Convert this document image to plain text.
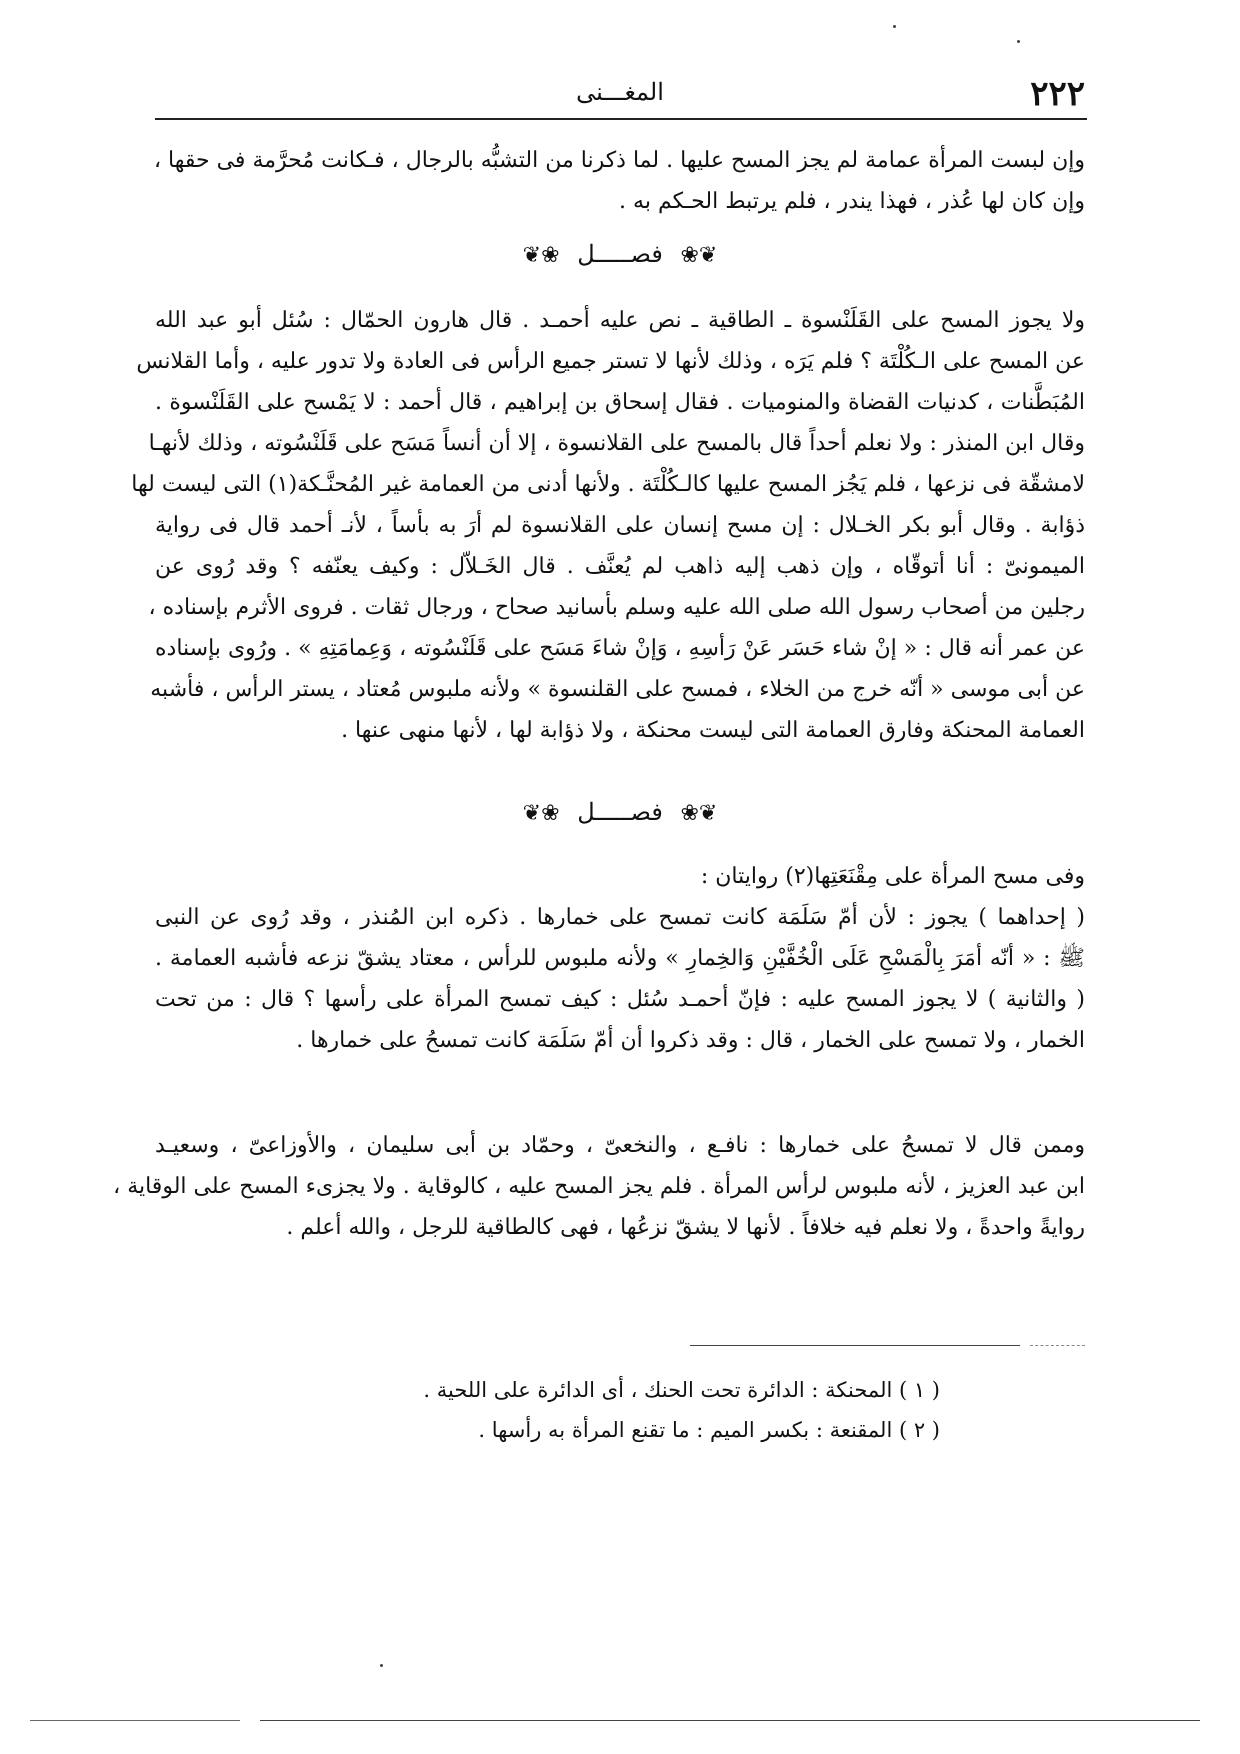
٢٢٢
المغـــنى
وإن لبست المرأة عمامة لم يجز المسح عليها . لما ذكرنا من التشبُّه بالرجال ، فـكانت مُحرَّمة فى حقها ،
وإن كان لها عُذر ، فهذا يندر ، فلم يرتبط الحـكم به .
❦❀ فصـــــل ❀❦
ولا يجوز المسح على القَلَنْسوة ـ الطاقية ـ نص عليه أحمـد . قال هارون الحمّال : سُئل أبو عبد الله
عن المسح على الـكُلْتَة ؟ فلم يَرَه ، وذلك لأنها لا تستر جميع الرأس فى العادة ولا تدور عليه ، وأما القلانس
المُبَطَّنات ، كدنيات القضاة والمنوميات . فقال إسحاق بن إبراهيم ، قال أحمد : لا يَمْسح على القَلَنْسوة .
وقال ابن المنذر : ولا نعلم أحداً قال بالمسح على القلانسوة ، إلا أن أنساً مَسَح على قَلَنْسُوته ، وذلك لأنهـا
لامشقّة فى نزعها ، فلم يَجُز المسح عليها كالـكُلْتَة . ولأنها أدنى من العمامة غير المُحنَّـكة(١) التى ليست لها
ذؤابة . وقال أبو بكر الخـلال : إن مسح إنسان على القلانسوة لم أرَ به بأساً ، لأنـ أحمد قال فى رواية
الميمونىّ : أنا أتوقّاه ، وإن ذهب إليه ذاهب لم يُعنَّف . قال الخَـلاّل : وكيف يعنّفه ؟ وقد رُوى عن
رجلين من أصحاب رسول الله صلى الله عليه وسلم بأسانيد صحاح ، ورجال ثقات . فروى الأثرم بإسناده ،
عن عمر أنه قال : « إنْ شاء حَسَر عَنْ رَأسِهِ ، وَإنْ شاءَ مَسَح على قَلَنْسُوته ، وَعِمامَتِهِ » . ورُوى بإسناده
عن أبى موسى « أنّه خرج من الخلاء ، فمسح على القلنسوة » ولأنه ملبوس مُعتاد ، يستر الرأس ، فأشبه
العمامة المحنكة وفارق العمامة التى ليست محنكة ، ولا ذؤابة لها ، لأنها منهى عنها .
❦❀ فصـــــل ❀❦
وفى مسح المرأة على مِقْنَعَتِها(٢) روايتان :
( إحداهما ) يجوز : لأن أمّ سَلَمَة كانت تمسح على خمارها . ذكره ابن المُنذر ، وقد رُوى عن النبى
ﷺ : « أنّه أمَرَ بِالْمَسْحِ عَلَى الْخُفَّيْنِ وَالخِمارِ » ولأنه ملبوس للرأس ، معتاد يشقّ نزعه فأشبه العمامة .
( والثانية ) لا يجوز المسح عليه : فإنّ أحمـد سُئل : كيف تمسح المرأة على رأسها ؟ قال : من تحت
الخمار ، ولا تمسح على الخمار ، قال : وقد ذكروا أن أمّ سَلَمَة كانت تمسحُ على خمارها .
وممن قال لا تمسحُ على خمارها : نافـع ، والنخعىّ ، وحمّاد بن أبى سليمان ، والأوزاعىّ ، وسعيـد
ابن عبد العزيز ، لأنه ملبوس لرأس المرأة . فلم يجز المسح عليه ، كالوقاية . ولا يجزىء المسح على الوقاية ،
روايةً واحدةً ، ولا نعلم فيه خلافاً . لأنها لا يشقّ نزعُها ، فهى كالطاقية للرجل ، والله أعلم .
( ١ ) المحنكة : الدائرة تحت الحنك ، أى الدائرة على اللحية .
( ٢ ) المقنعة : بكسر الميم : ما تقنع المرأة به رأسها .
